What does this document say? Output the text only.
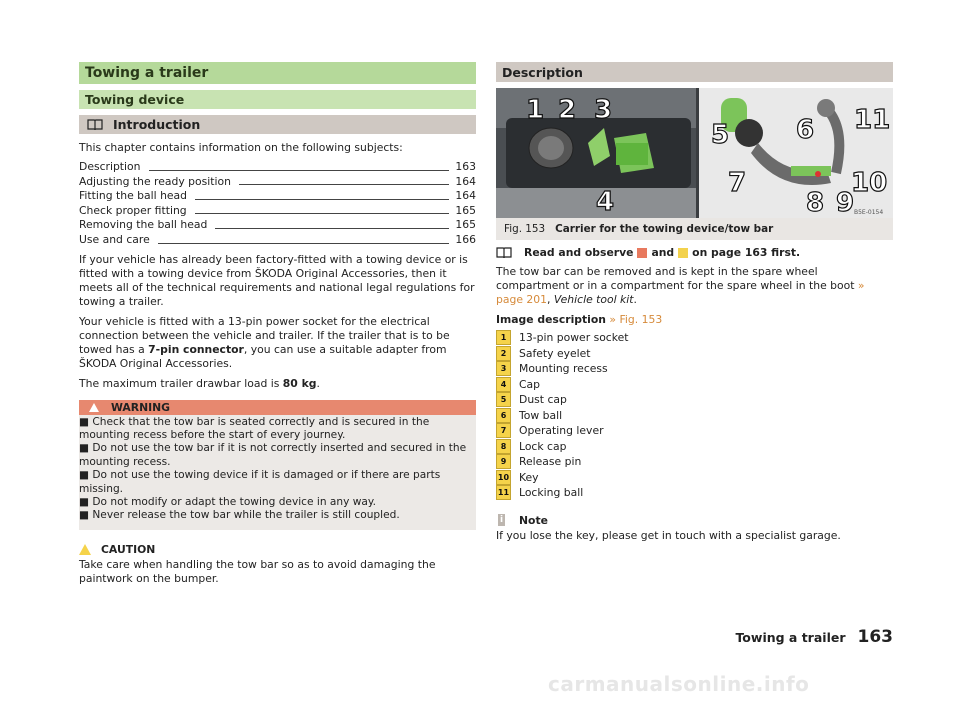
Towing a trailer
Towing device
Introduction

This chapter contains information on the following subjects:

Description	163
Adjusting the ready position	164
Fitting the ball head	164
Check proper fitting	165
Removing the ball head	165
Use and care	166

If your vehicle has already been factory-fitted with a towing device or is fitted with a towing device from ŠKODA Original Accessories, then it meets all of the technical requirements and national legal regulations for towing a trailer.

Your vehicle is fitted with a 13-pin power socket for the electrical connection between the vehicle and trailer. If the trailer that is to be towed has a 7-pin connector, you can use a suitable adapter from ŠKODA Original Accessories.

The maximum trailer drawbar load is 80 kg.

WARNING

■ Check that the tow bar is seated correctly and is secured in the mounting recess before the start of every journey.

■ Do not use the tow bar if it is not correctly inserted and secured in the mounting recess.

■ Do not use the towing device if it is damaged or if there are parts missing.

■ Do not modify or adapt the towing device in any way.

■ Never release the tow bar while the trailer is still coupled.

CAUTION

Take care when handling the tow bar so as to avoid damaging the paintwork on the bumper.

Description
1 2 3
4
5	6
7
8 9
10
11
B5E-0154
Fig. 153 Carrier for the towing device/tow bar
Read and observe and on page 163 first.

The tow bar can be removed and is kept in the spare wheel compartment or in a compartment for the spare wheel in the boot » page 201, Vehicle tool kit.

Image description » Fig. 153

1	13-pin power socket
2	Safety eyelet
3	Mounting recess
4	Cap
5	Dust cap
6	Tow ball
7	Operating lever
8	Lock cap
9	Release pin
10 Key
11 Locking ball
i Note

If you lose the key, please get in touch with a specialist garage.

Towing a trailer 163
carmanualsonline.info
